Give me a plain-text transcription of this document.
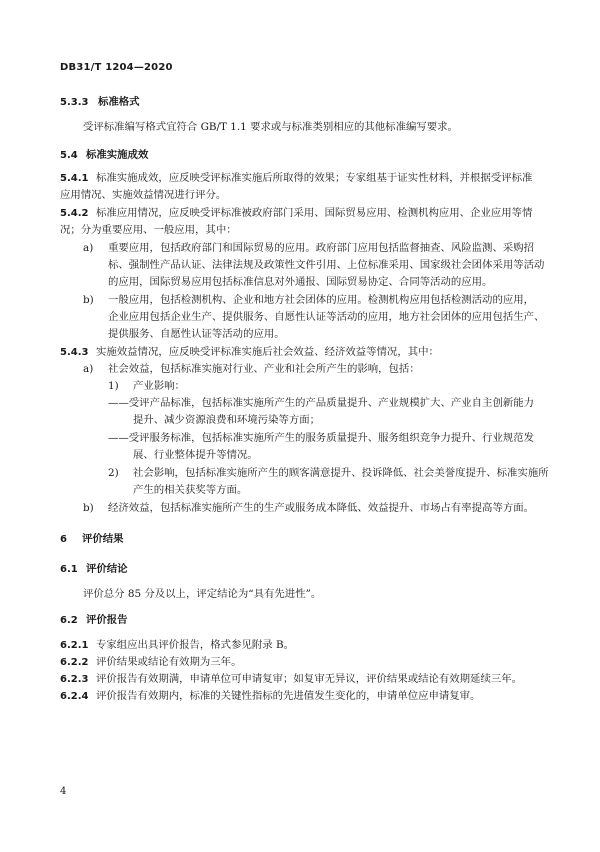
DB31/T 1204—2020
5.3.3 标准格式
受评标准编写格式宜符合 GB/T 1.1 要求或与标准类别相应的其他标准编写要求。
5.4 标准实施成效
5.4.1 标准实施成效，应反映受评标准实施后所取得的效果；专家组基于证实性材料，并根据受评标准
应用情况、实施效益情况进行评分。
5.4.2 标准应用情况，应反映受评标准被政府部门采用、国际贸易应用、检测机构应用、企业应用等情
况；分为重要应用、一般应用，其中：
a) 重要应用，包括政府部门和国际贸易的应用。政府部门应用包括监督抽查、风险监测、采购招
标、强制性产品认证、法律法规及政策性文件引用、上位标准采用、国家级社会团体采用等活动
的应用，国际贸易应用包括标准信息对外通报、国际贸易协定、合同等活动的应用。
b) 一般应用，包括检测机构、企业和地方社会团体的应用。检测机构应用包括检测活动的应用，
企业应用包括企业生产、提供服务、自愿性认证等活动的应用，地方社会团体的应用包括生产、
提供服务、自愿性认证等活动的应用。
5.4.3 实施效益情况，应反映受评标准实施后社会效益、经济效益等情况，其中：
a) 社会效益，包括标准实施对行业、产业和社会所产生的影响，包括：
1) 产业影响：
——受评产品标准，包括标准实施所产生的产品质量提升、产业规模扩大、产业自主创新能力
提升、减少资源浪费和环境污染等方面；
——受评服务标准，包括标准实施所产生的服务质量提升、服务组织竞争力提升、行业规范发
展、行业整体提升等情况。
2) 社会影响，包括标准实施所产生的顾客满意提升、投诉降低、社会美誉度提升、标准实施所
产生的相关获奖等方面。
b) 经济效益，包括标准实施所产生的生产或服务成本降低、效益提升、市场占有率提高等方面。
6 评价结果
6.1 评价结论
评价总分 85 分及以上，评定结论为“具有先进性”。
6.2 评价报告
6.2.1 专家组应出具评价报告，格式参见附录 B。
6.2.2 评价结果或结论有效期为三年。
6.2.3 评价报告有效期满，申请单位可申请复审；如复审无异议，评价结果或结论有效期延续三年。
6.2.4 评价报告有效期内，标准的关键性指标的先进值发生变化的，申请单位应申请复审。
4
